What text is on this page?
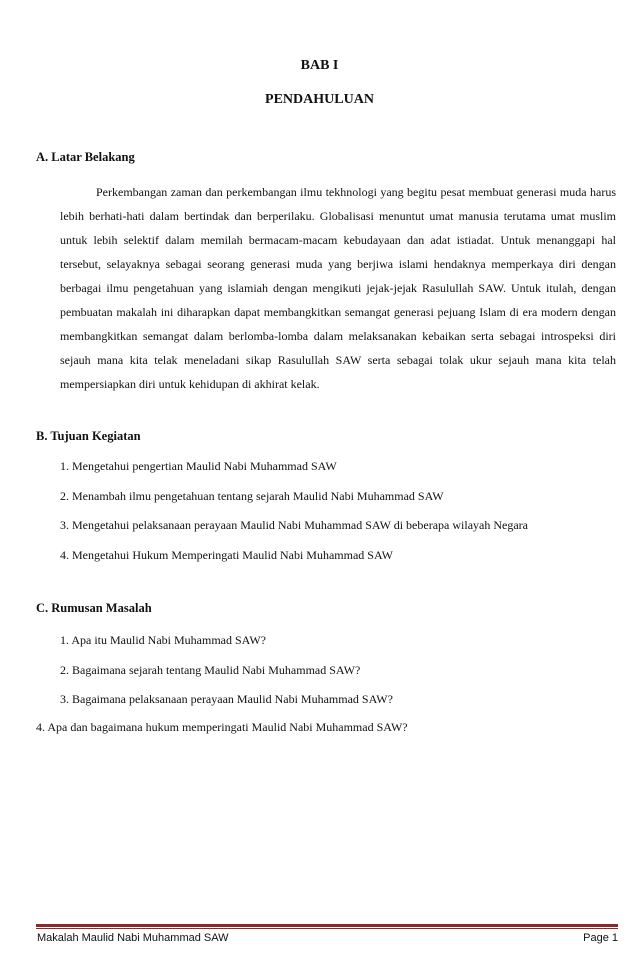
BAB I
PENDAHULUAN
A. Latar Belakang

Perkembangan zaman dan perkembangan ilmu tekhnologi yang begitu pesat membuat generasi muda harus lebih berhati-hati dalam bertindak dan berperilaku. Globalisasi menuntut umat manusia terutama umat muslim untuk lebih selektif dalam memilah bermacam-macam kebudayaan dan adat istiadat. Untuk menanggapi hal tersebut, selayaknya sebagai seorang generasi muda yang berjiwa islami hendaknya memperkaya diri dengan berbagai ilmu pengetahuan yang islamiah dengan mengikuti jejak-jejak Rasulullah SAW. Untuk itulah, dengan pembuatan makalah ini diharapkan dapat membangkitkan semangat generasi pejuang Islam di era modern dengan membangkitkan semangat dalam berlomba-lomba dalam melaksanakan kebaikan serta sebagai introspeksi diri sejauh mana kita telak meneladani sikap Rasulullah SAW serta sebagai tolak ukur sejauh mana kita telah mempersiapkan diri untuk kehidupan di akhirat kelak.

B. Tujuan Kegiatan
1. Mengetahui pengertian Maulid Nabi Muhammad SAW
2. Menambah ilmu pengetahuan tentang sejarah Maulid Nabi Muhammad SAW
3. Mengetahui pelaksanaan perayaan Maulid Nabi Muhammad SAW di beberapa wilayah Negara
4. Mengetahui Hukum Memperingati Maulid Nabi Muhammad SAW
C. Rumusan Masalah
1. Apa itu Maulid Nabi Muhammad SAW?
2. Bagaimana sejarah tentang Maulid Nabi Muhammad SAW?
3. Bagaimana pelaksanaan perayaan Maulid Nabi Muhammad SAW?
4. Apa dan bagaimana hukum memperingati Maulid Nabi Muhammad SAW?
Makalah Maulid Nabi Muhammad SAW	Page 1
